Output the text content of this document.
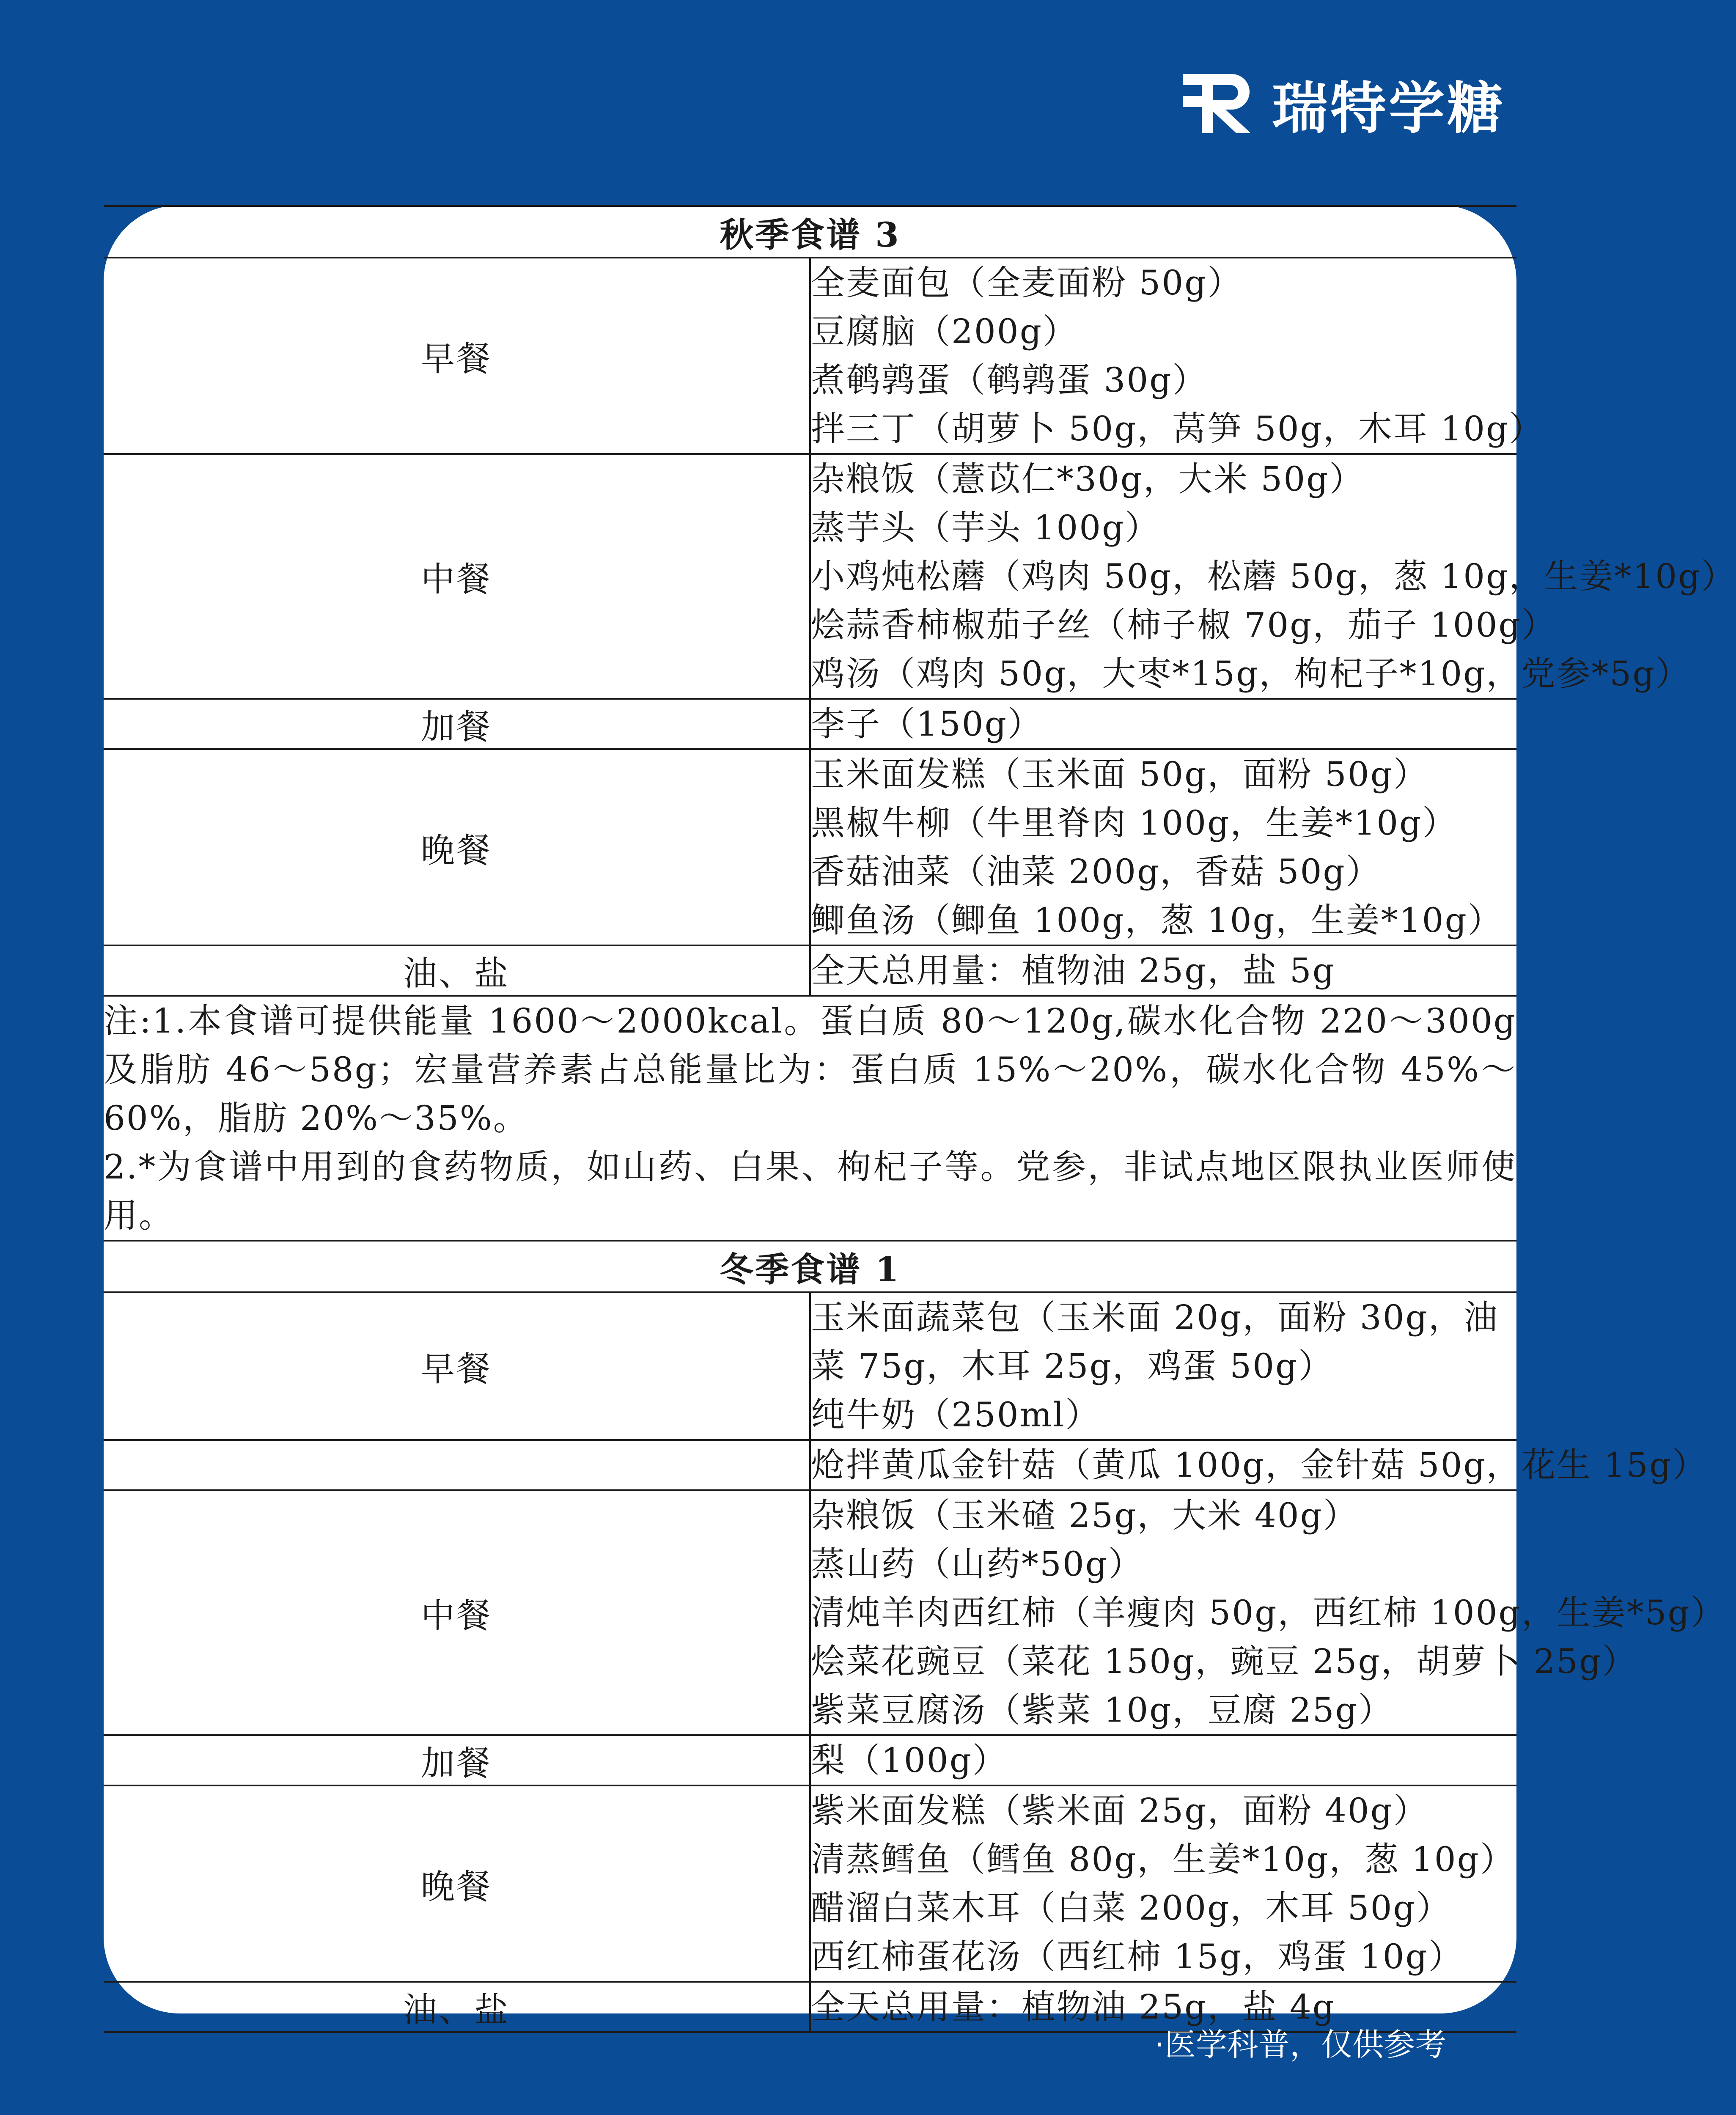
瑞特学糖
秋季食谱 3	
早餐	全麦面包（全麦面粉 50g）
豆腐脑（200g）
煮鹌鹑蛋（鹌鹑蛋 30g）
拌三丁（胡萝卜 50g，莴笋 50g，木耳 10g）

中餐	杂粮饭（薏苡仁*30g，大米 50g）
蒸芋头（芋头 100g）
小鸡炖松蘑（鸡肉 50g，松蘑 50g，葱 10g，生姜*10g）
烩蒜香柿椒茄子丝（柿子椒 70g，茄子 100g）
鸡汤（鸡肉 50g，大枣*15g，枸杞子*10g，党参*5g）

加餐	李子（150g）

晚餐	玉米面发糕（玉米面 50g，面粉 50g）
黑椒牛柳（牛里脊肉 100g，生姜*10g）
香菇油菜（油菜 200g，香菇 50g）
鲫鱼汤（鲫鱼 100g，葱 10g，生姜*10g）

油、盐	全天总用量：植物油 25g，盐 5g

注:1.本食谱可提供能量 1600～2000kcal。蛋白质 80～120g,碳水化合物 220～300g 及脂肪 46～58g；宏量营养素占总能量比为：蛋白质 15%～20%，碳水化合物 45%～60%，脂肪 20%～35%。
2.*为食谱中用到的食药物质，如山药、白果、枸杞子等。党参，非试点地区限执业医师使用。	

冬季食谱 1	
早餐	玉米面蔬菜包（玉米面 20g，面粉 30g，油菜 75g，木耳 25g，鸡蛋 50g）
纯牛奶（250ml）

	炝拌黄瓜金针菇（黄瓜 100g，金针菇 50g，花生 15g）

中餐	杂粮饭（玉米碴 25g，大米 40g）
蒸山药（山药*50g）
清炖羊肉西红柿（羊瘦肉 50g，西红柿 100g，生姜*5g）
烩菜花豌豆（菜花 150g，豌豆 25g，胡萝卜 25g）
紫菜豆腐汤（紫菜 10g，豆腐 25g）

加餐	梨（100g）

晚餐	紫米面发糕（紫米面 25g，面粉 40g）
清蒸鳕鱼（鳕鱼 80g，生姜*10g，葱 10g）
醋溜白菜木耳（白菜 200g，木耳 50g）
西红柿蛋花汤（西红柿 15g，鸡蛋 10g）

油、盐	全天总用量：植物油 25g，盐 4g
·医学科普，仅供参考
